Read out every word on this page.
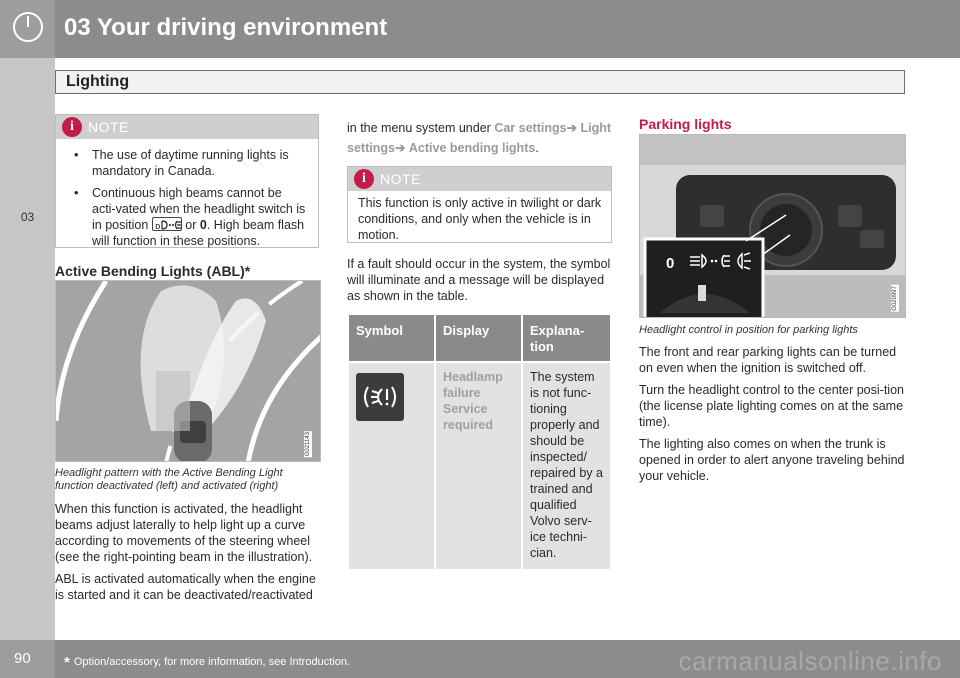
03 Your driving environment
Lighting
03
i	NOTE
• The use of daytime running lights is mandatory in Canada.
• Continuous high beams cannot be acti-vated when the headlight switch is in position ᴅ or 0. High beam flash will function in these positions.
Active Bending Lights (ABL)*
G021143
Headlight pattern with the Active Bending Light function deactivated (left) and activated (right)

When this function is activated, the headlight beams adjust laterally to help light up a curve according to movements of the steering wheel (see the right-pointing beam in the illustration).

ABL is activated automatically when the engine is started and it can be deactivated/reactivated

in the menu system under Car settings➔ Light settings➔ Active bending lights.
i	NOTE
This function is only active in twilight or dark conditions, and only when the vehicle is in motion.
If a fault should occur in the system, the symbol will illuminate and a message will be displayed as shown in the table.
Symbol	Display	Explana-tion

	Headlamp failure Service required	The system is not func-tioning properly and should be inspected/ repaired by a trained and qualified Volvo serv-ice techni-cian.
Parking lights
0
G020997
Headlight control in position for parking lights

The front and rear parking lights can be turned on even when the ignition is switched off.

Turn the headlight control to the center posi-tion (the license plate lighting comes on at the same time).

The lighting also comes on when the trunk is opened in order to alert anyone traveling behind your vehicle.

90 * Option/accessory, for more information, see Introduction.	carmanualsonline.info
